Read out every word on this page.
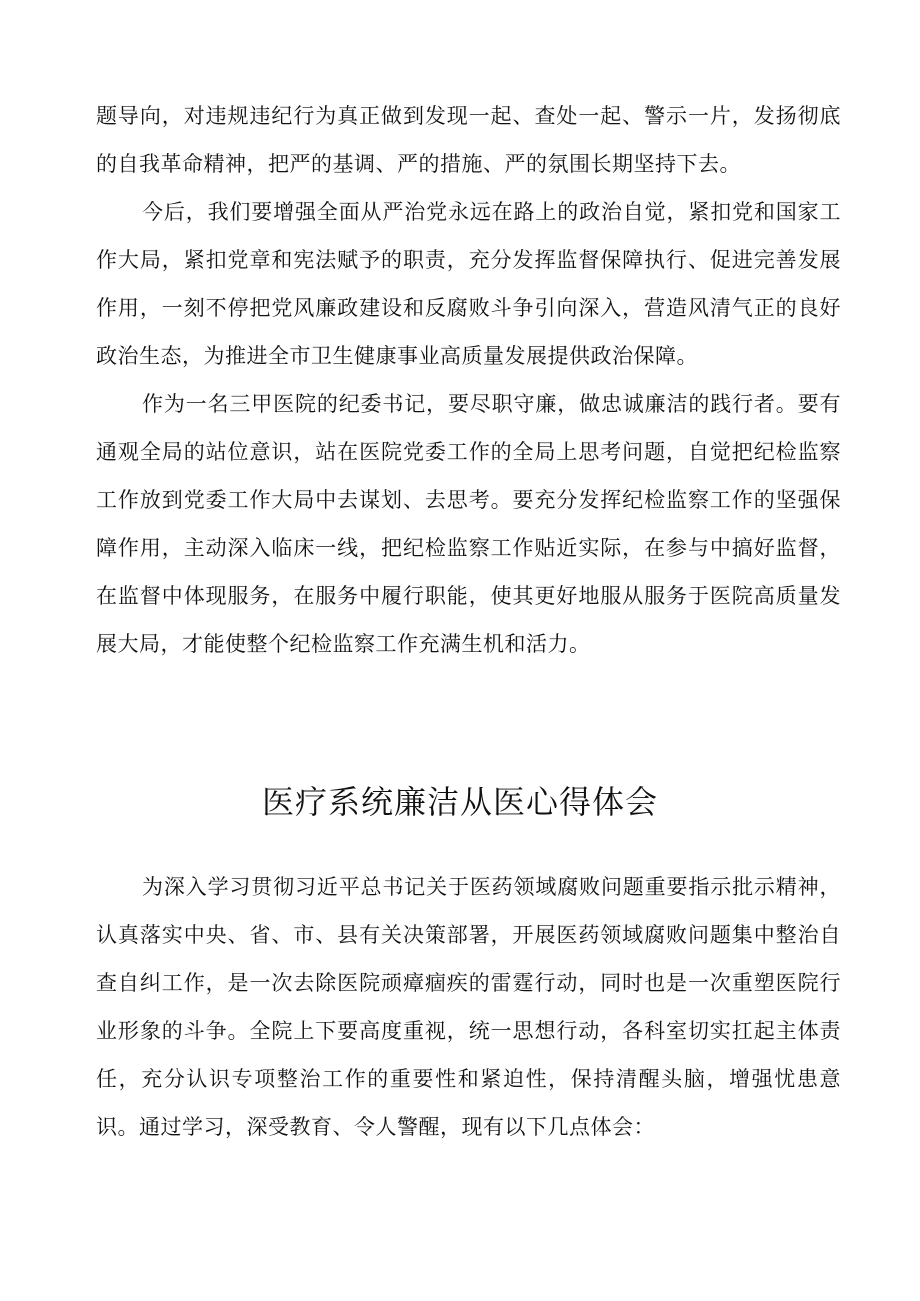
题导向，对违规违纪行为真正做到发现一起、查处一起、警示一片，发扬彻底的自我革命精神，把严的基调、严的措施、严的氛围长期坚持下去。

今后，我们要增强全面从严治党永远在路上的政治自觉，紧扣党和国家工作大局，紧扣党章和宪法赋予的职责，充分发挥监督保障执行、促进完善发展作用，一刻不停把党风廉政建设和反腐败斗争引向深入，营造风清气正的良好政治生态，为推进全市卫生健康事业高质量发展提供政治保障。

作为一名三甲医院的纪委书记，要尽职守廉，做忠诚廉洁的践行者。要有通观全局的站位意识，站在医院党委工作的全局上思考问题，自觉把纪检监察工作放到党委工作大局中去谋划、去思考。要充分发挥纪检监察工作的坚强保障作用，主动深入临床一线，把纪检监察工作贴近实际，在参与中搞好监督，在监督中体现服务，在服务中履行职能，使其更好地服从服务于医院高质量发展大局，才能使整个纪检监察工作充满生机和活力。

医疗系统廉洁从医心得体会

为深入学习贯彻习近平总书记关于医药领域腐败问题重要指示批示精神，认真落实中央、省、市、县有关决策部署，开展医药领域腐败问题集中整治自查自纠工作，是一次去除医院顽瘴痼疾的雷霆行动，同时也是一次重塑医院行业形象的斗争。全院上下要高度重视，统一思想行动，各科室切实扛起主体责任，充分认识专项整治工作的重要性和紧迫性，保持清醒头脑，增强忧患意识。通过学习，深受教育、令人警醒，现有以下几点体会：
